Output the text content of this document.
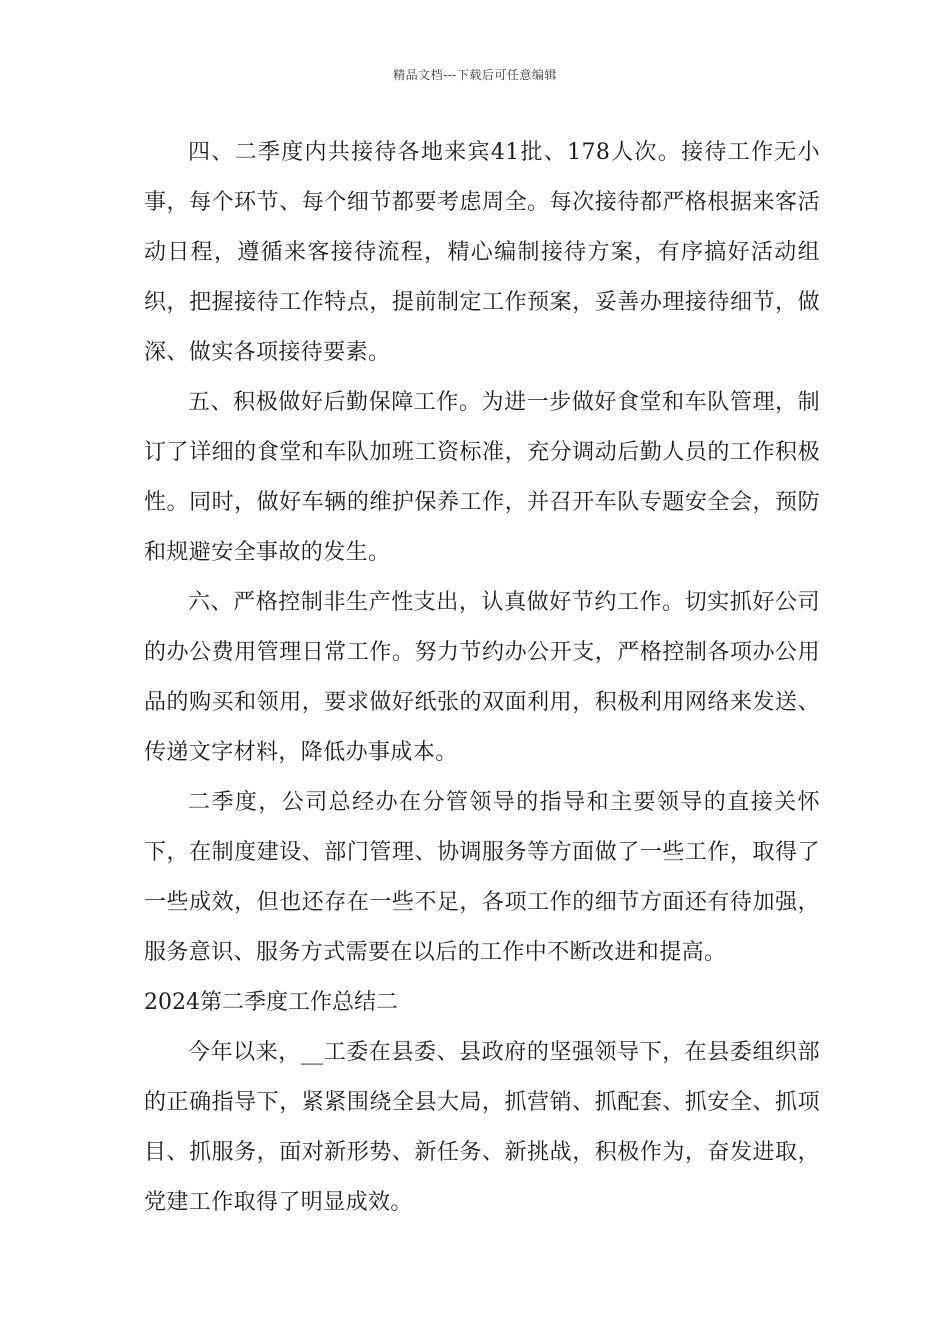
精品文档---下载后可任意编辑

四、二季度内共接待各地来宾41批、178人次。接待工作无小事，每个环节、每个细节都要考虑周全。每次接待都严格根据来客活动日程，遵循来客接待流程，精心编制接待方案，有序搞好活动组织，把握接待工作特点，提前制定工作预案，妥善办理接待细节，做深、做实各项接待要素。

五、积极做好后勤保障工作。为进一步做好食堂和车队管理，制订了详细的食堂和车队加班工资标准，充分调动后勤人员的工作积极性。同时，做好车辆的维护保养工作，并召开车队专题安全会，预防和规避安全事故的发生。

六、严格控制非生产性支出，认真做好节约工作。切实抓好公司的办公费用管理日常工作。努力节约办公开支，严格控制各项办公用品的购买和领用，要求做好纸张的双面利用，积极利用网络来发送、传递文字材料，降低办事成本。

二季度，公司总经办在分管领导的指导和主要领导的直接关怀下，在制度建设、部门管理、协调服务等方面做了一些工作，取得了一些成效，但也还存在一些不足，各项工作的细节方面还有待加强，服务意识、服务方式需要在以后的工作中不断改进和提高。

2024第二季度工作总结二

今年以来，__工委在县委、县政府的坚强领导下，在县委组织部的正确指导下，紧紧围绕全县大局，抓营销、抓配套、抓安全、抓项目、抓服务，面对新形势、新任务、新挑战，积极作为，奋发进取，党建工作取得了明显成效。
